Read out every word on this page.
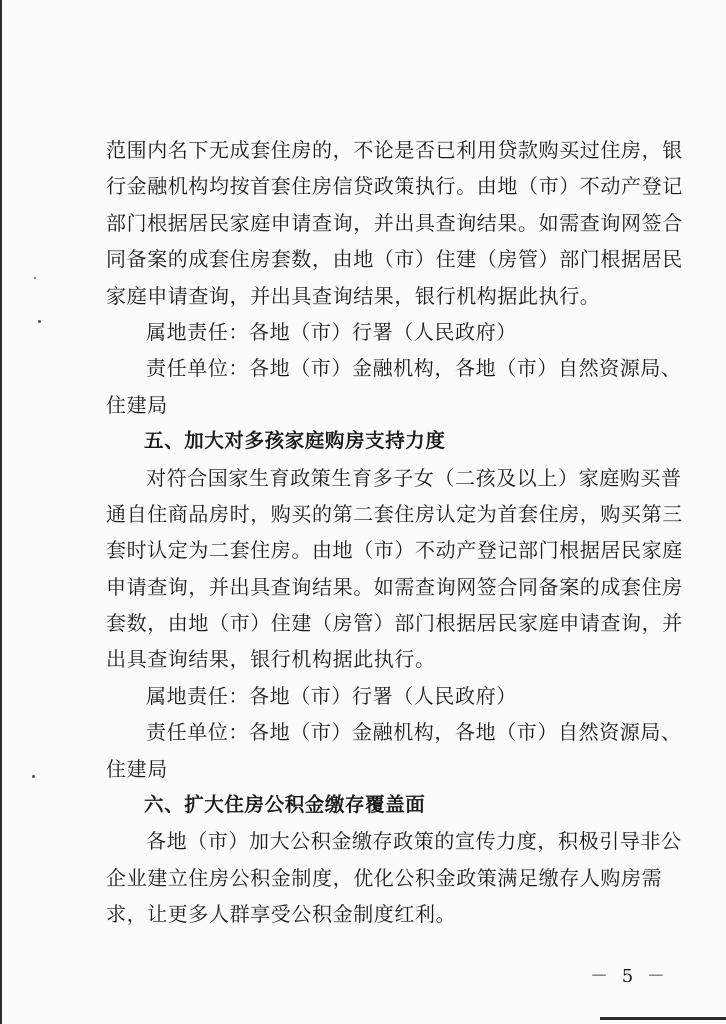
范围内名下无成套住房的，不论是否已利用贷款购买过住房，银
行金融机构均按首套住房信贷政策执行。由地（市）不动产登记
部门根据居民家庭申请查询，并出具查询结果。如需查询网签合
同备案的成套住房套数，由地（市）住建（房管）部门根据居民
家庭申请查询，并出具查询结果，银行机构据此执行。
属地责任：各地（市）行署（人民政府）
责任单位：各地（市）金融机构，各地（市）自然资源局、
住建局
五、加大对多孩家庭购房支持力度
对符合国家生育政策生育多子女（二孩及以上）家庭购买普
通自住商品房时，购买的第二套住房认定为首套住房，购买第三
套时认定为二套住房。由地（市）不动产登记部门根据居民家庭
申请查询，并出具查询结果。如需查询网签合同备案的成套住房
套数，由地（市）住建（房管）部门根据居民家庭申请查询，并
出具查询结果，银行机构据此执行。
属地责任：各地（市）行署（人民政府）
责任单位：各地（市）金融机构，各地（市）自然资源局、
住建局
六、扩大住房公积金缴存覆盖面
各地（市）加大公积金缴存政策的宣传力度，积极引导非公
企业建立住房公积金制度，优化公积金政策满足缴存人购房需
求，让更多人群享受公积金制度红利。
－ 5 －
